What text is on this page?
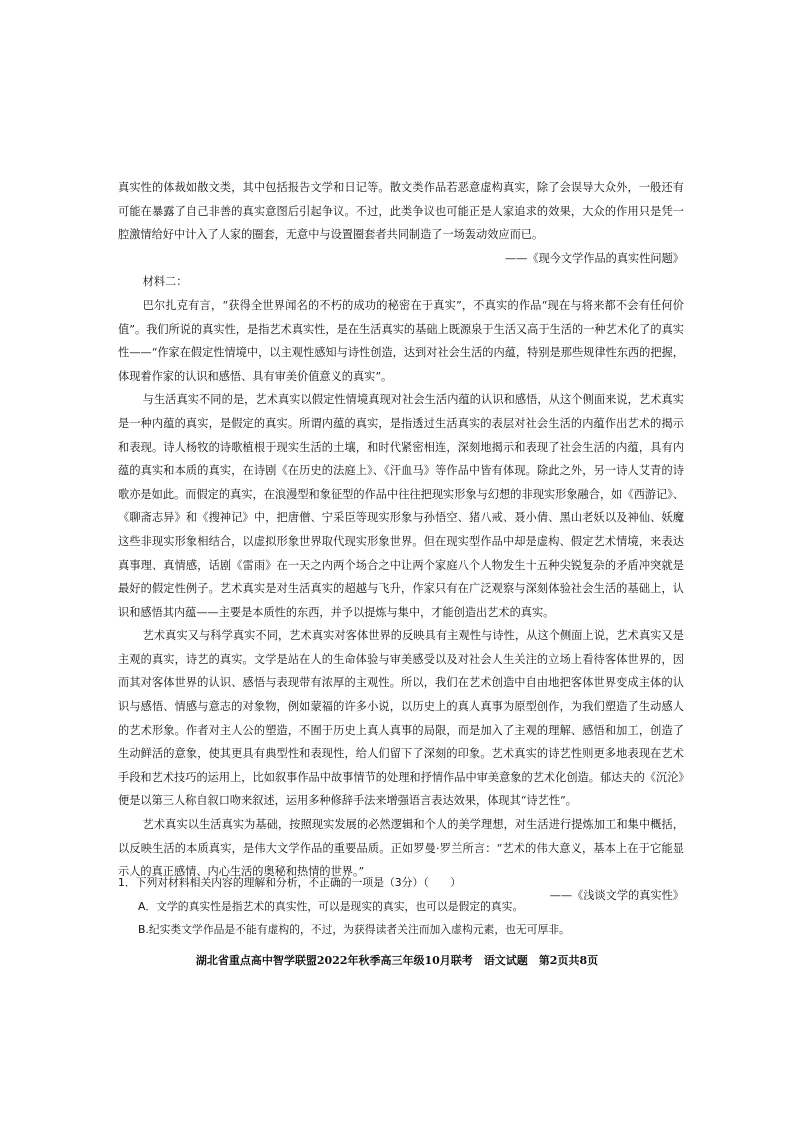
真实性的体裁如散文类，其中包括报告文学和日记等。散文类作品若恶意虚构真实，除了会误导大众外，一般还有可能在暴露了自己非善的真实意图后引起争议。不过，此类争议也可能正是人家追求的效果，大众的作用只是凭一腔激情给好中计入了人家的圈套，无意中与设置圈套者共同制造了一场轰动效应而已。

——《现今文学作品的真实性问题》

材料二：

巴尔扎克有言，“获得全世界闻名的不朽的成功的秘密在于真实”，不真实的作品“现在与将来都不会有任何价值”。我们所说的真实性，是指艺术真实性，是在生活真实的基础上既源泉于生活又高于生活的一种艺术化了的真实性——“作家在假定性情境中，以主观性感知与诗性创造，达到对社会生活的内蕴，特别是那些规律性东西的把握，体现着作家的认识和感悟、具有审美价值意义的真实”。

与生活真实不同的是，艺术真实以假定性情境真现对社会生活内蕴的认识和感悟，从这个侧面来说，艺术真实是一种内蕴的真实，是假定的真实。所谓内蕴的真实，是指透过生活真实的表层对社会生活的内蕴作出艺术的揭示和表现。诗人杨牧的诗歌植根于现实生活的土壤，和时代紧密相连，深刻地揭示和表现了社会生活的内蕴，具有内蕴的真实和本质的真实，在诗剧《在历史的法庭上》、《汗血马》等作品中皆有体现。除此之外，另一诗人艾青的诗歌亦是如此。而假定的真实，在浪漫型和象征型的作品中往往把现实形象与幻想的非现实形象融合，如《西游记》、《聊斋志异》和《搜神记》中，把唐僧、宁采臣等现实形象与孙悟空、猪八戒、聂小倩、黑山老妖以及神仙、妖魔这些非现实形象相结合，以虚拟形象世界取代现实形象世界。但在现实型作品中却是虚构、假定艺术情境，来表达真事理、真情感，话剧《雷雨》在一天之内两个场合之中让两个家庭八个人物发生十五种尖锐复杂的矛盾冲突就是最好的假定性例子。艺术真实是对生活真实的超越与飞升，作家只有在广泛观察与深刻体验社会生活的基础上，认识和感悟其内蕴——主要是本质性的东西，并予以提炼与集中，才能创造出艺术的真实。

艺术真实又与科学真实不同，艺术真实对客体世界的反映具有主观性与诗性，从这个侧面上说，艺术真实又是主观的真实，诗艺的真实。文学是站在人的生命体验与审美感受以及对社会人生关注的立场上看待客体世界的，因而其对客体世界的认识、感悟与表现带有浓厚的主观性。所以，我们在艺术创造中自由地把客体世界变成主体的认识与感悟、情感与意志的对象物，例如蒙福的许多小说，以历史上的真人真事为原型创作，为我们塑造了生动感人的艺术形象。作者对主人公的塑造，不囿于历史上真人真事的局限，而是加入了主观的理解、感悟和加工，创造了生动鲜活的意象，使其更具有典型性和表现性，给人们留下了深刻的印象。艺术真实的诗艺性则更多地表现在艺术手段和艺术技巧的运用上，比如叙事作品中故事情节的处理和抒情作品中审美意象的艺术化创造。郁达夫的《沉沦》便是以第三人称自叙口吻来叙述，运用多种修辞手法来增强语言表达效果，体现其“诗艺性”。

艺术真实以生活真实为基础，按照现实发展的必然逻辑和个人的美学理想，对生活进行提炼加工和集中概括，以反映生活的本质真实，是伟大文学作品的重要品质。正如罗曼·罗兰所言：“艺术的伟大意义，基本上在于它能显示人的真正感情、内心生活的奥秘和热情的世界。”

——《浅谈文学的真实性》

1．下列对材料相关内容的理解和分析，不正确的一项是（3分）（　　）

A．文学的真实性是指艺术的真实性，可以是现实的真实，也可以是假定的真实。

B.纪实类文学作品是不能有虚构的，不过，为获得读者关注而加入虚构元素，也无可厚非。

湖北省重点高中智学联盟2022年秋季高三年级10月联考　语文试题　第2页共8页
